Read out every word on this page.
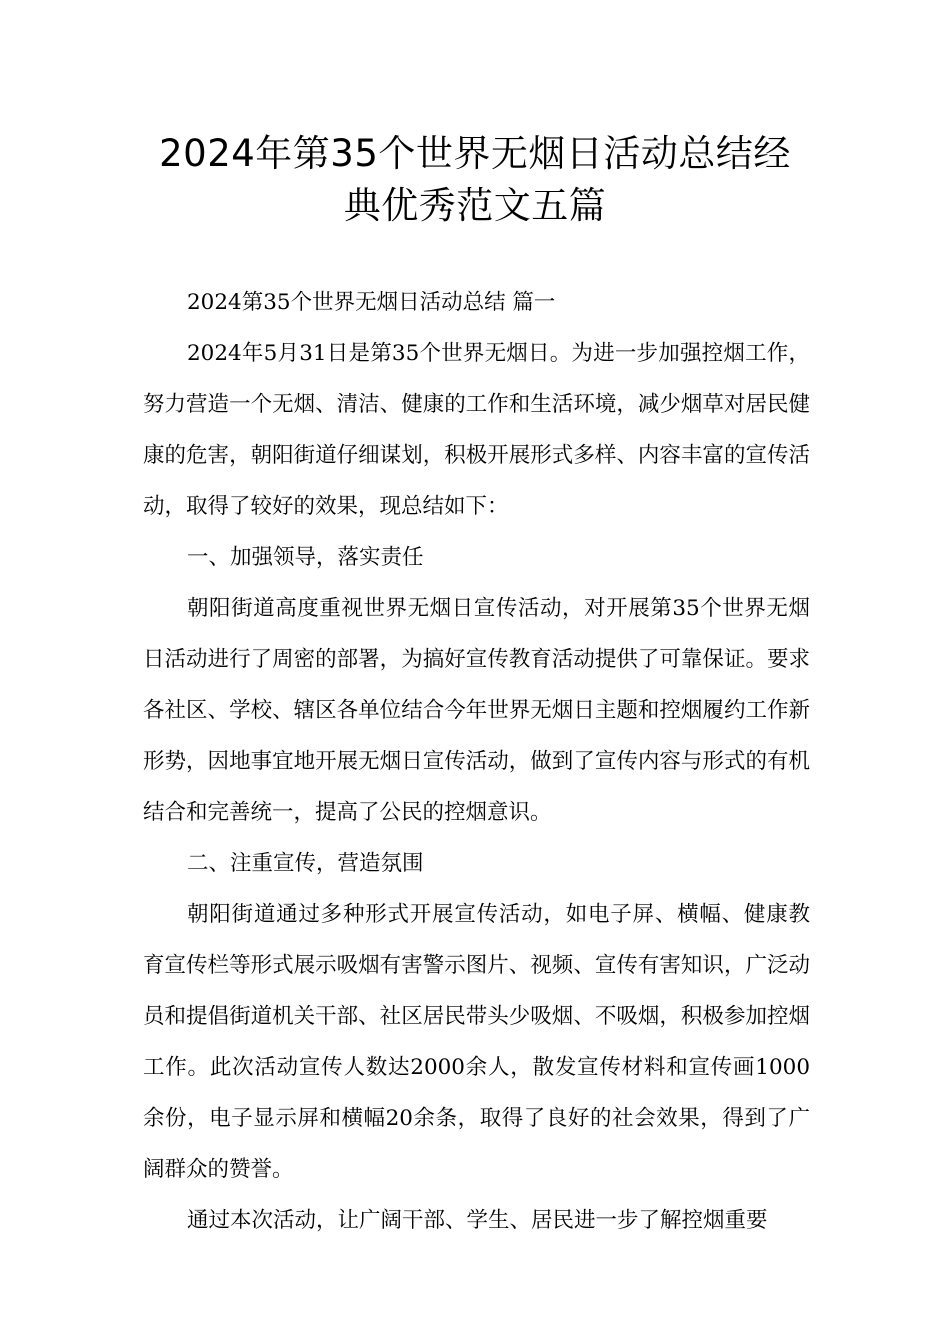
2024年第35个世界无烟日活动总结经
典优秀范文五篇

2024第35个世界无烟日活动总结 篇一

2024年5月31日是第35个世界无烟日。为进一步加强控烟工作，努力营造一个无烟、清洁、健康的工作和生活环境，减少烟草对居民健康的危害，朝阳街道仔细谋划，积极开展形式多样、内容丰富的宣传活动，取得了较好的效果，现总结如下：

一、加强领导，落实责任

朝阳街道高度重视世界无烟日宣传活动，对开展第35个世界无烟日活动进行了周密的部署，为搞好宣传教育活动提供了可靠保证。要求各社区、学校、辖区各单位结合今年世界无烟日主题和控烟履约工作新形势，因地事宜地开展无烟日宣传活动，做到了宣传内容与形式的有机结合和完善统一，提高了公民的控烟意识。

二、注重宣传，营造氛围

朝阳街道通过多种形式开展宣传活动，如电子屏、横幅、健康教育宣传栏等形式展示吸烟有害警示图片、视频、宣传有害知识，广泛动员和提倡街道机关干部、社区居民带头少吸烟、不吸烟，积极参加控烟工作。此次活动宣传人数达2000余人，散发宣传材料和宣传画1000余份，电子显示屏和横幅20余条，取得了良好的社会效果，得到了广阔群众的赞誉。

通过本次活动，让广阔干部、学生、居民进一步了解控烟重要
